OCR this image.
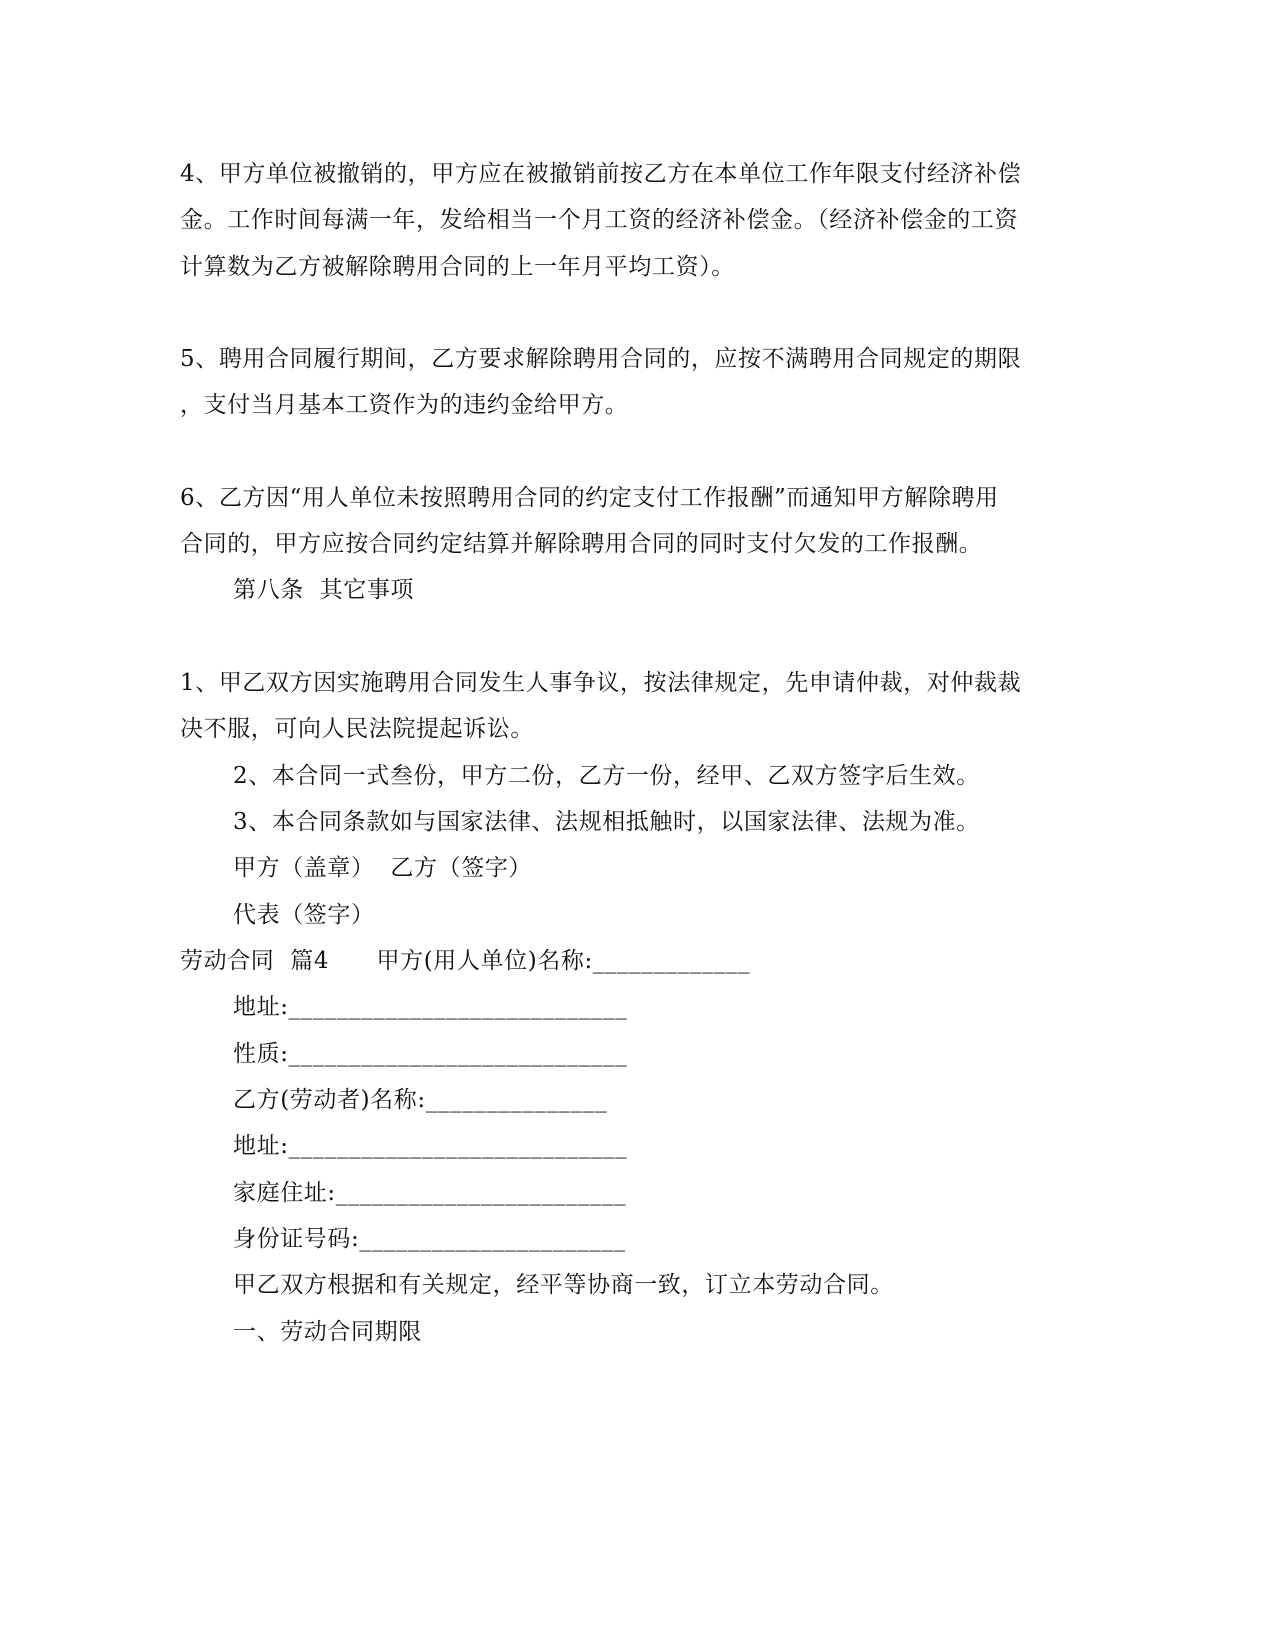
4、甲方单位被撤销的，甲方应在被撤销前按乙方在本单位工作年限支付经济补偿
金。工作时间每满一年，发给相当一个月工资的经济补偿金。（经济补偿金的工资
计算数为乙方被解除聘用合同的上一年月平均工资）。
5、聘用合同履行期间，乙方要求解除聘用合同的，应按不满聘用合同规定的期限
，支付当月基本工资作为的违约金给甲方。
6、乙方因“用人单位未按照聘用合同的约定支付工作报酬”而通知甲方解除聘用
合同的，甲方应按合同约定结算并解除聘用合同的同时支付欠发的工作报酬。
第八条  其它事项
1、甲乙双方因实施聘用合同发生人事争议，按法律规定，先申请仲裁，对仲裁裁
决不服，可向人民法院提起诉讼。
2、本合同一式叁份，甲方二份，乙方一份，经甲、乙双方签字后生效。
3、本合同条款如与国家法律、法规相抵触时，以国家法律、法规为准。
甲方（盖章）  乙方（签字）
代表（签字）
劳动合同  篇4      甲方(用人单位)名称:_____________
地址:____________________________
性质:____________________________
乙方(劳动者)名称:_______________
地址:____________________________
家庭住址:________________________
身份证号码:______________________
甲乙双方根据和有关规定，经平等协商一致，订立本劳动合同。
一、劳动合同期限
